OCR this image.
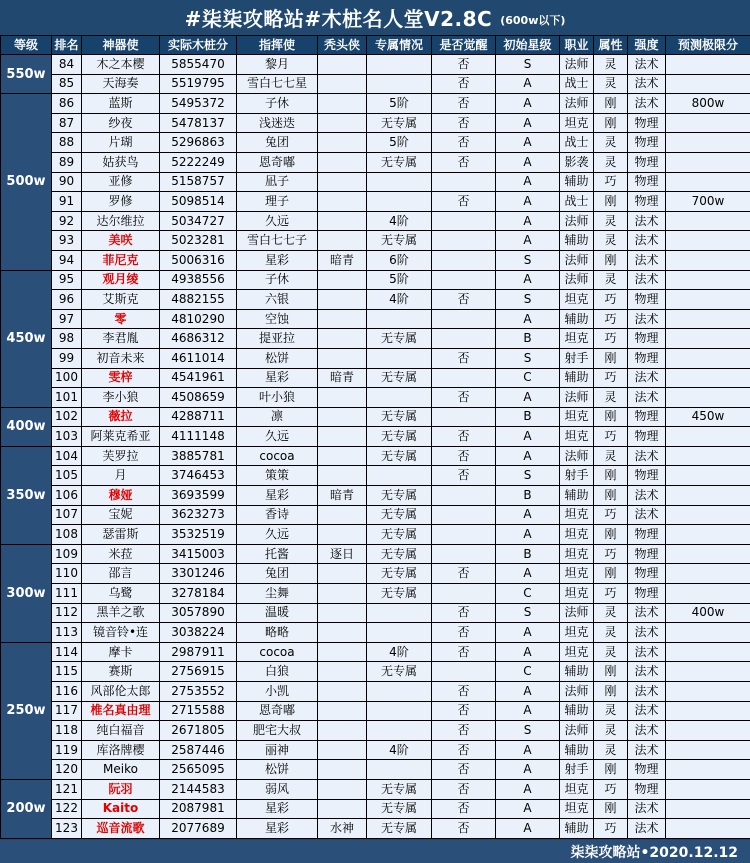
#柒柒攻略站#木桩名人堂V2.8C (600w以下)
等级	排名	神器使	实际木桩分	指挥使	秃头侠	专属情况	是否觉醒	初始星级	职业	属性	强度	预测极限分
550w	84	木之本樱	5855470	黎月			否	S	法师	灵	法术	
	85	天海奏	5519795	雪白七七星			否	A	战士	灵	法术	
500w	86	蓝斯	5495372	子休		5阶	否	A	法师	刚	法术	800w
	87	纱夜	5478137	浅迷迭		无专属	否	A	坦克	刚	物理	
	88	片瑚	5296863	兔团		5阶	否	A	战士	灵	物理	
	89	姑获鸟	5222249	恩奇嘟		无专属	否	A	影袭	灵	物理	
	90	亚修	5158757	凪子				A	辅助	巧	物理	
	91	罗修	5098514	理子			否	A	战士	刚	物理	700w
	92	达尔维拉	5034727	久远		4阶		A	法师	灵	法术	
	93	美咲	5023281	雪白七七子		无专属		A	辅助	灵	法术	
	94	菲尼克	5006316	星彩	暗青	6阶		S	法师	刚	法术	
450w	95	观月绫	4938556	子休		5阶		A	法师	灵	法术	
	96	艾斯克	4882155	六银		4阶	否	S	坦克	巧	物理	
	97	零	4810290	空蚀				A	辅助	巧	法术	
	98	李君胤	4686312	提亚拉		无专属		B	坦克	巧	物理	
	99	初音未来	4611014	松饼			否	S	射手	刚	物理	
	100	雯梓	4541961	星彩	暗青	无专属		C	辅助	巧	法术	
	101	李小狼	4508659	叶小狼			否	A	法师	灵	法术	
400w	102	薇拉	4288711	凛		无专属		B	坦克	刚	物理	450w
	103	阿莱克希亚	4111148	久远		无专属	否	A	坦克	巧	物理	
350w	104	芙罗拉	3885781	cocoa		无专属	否	A	法师	灵	法术	
	105	月	3746453	策策			否	S	射手	刚	物理	
	106	穆娅	3693599	星彩	暗青	无专属		B	辅助	刚	法术	
	107	宝妮	3623273	香诗		无专属		A	坦克	巧	法术	
	108	瑟雷斯	3532519	久远		无专属		A	坦克	刚	物理	
300w	109	米菈	3415003	托酱	逐日	无专属		B	坦克	巧	物理	
	110	邵言	3301246	兔团		无专属	否	A	坦克	刚	物理	
	111	乌鹭	3278184	尘舞		无专属		C	坦克	巧	物理	
	112	黑羊之歌	3057890	温暖			否	S	法师	灵	法术	400w
	113	镜音铃•连	3038224	略略			否	A	坦克	灵	法术	
250w	114	摩卡	2987911	cocoa		4阶	否	A	坦克	灵	法术	
	115	赛斯	2756915	白狼		无专属		C	辅助	刚	法术	
	116	风部伦太郎	2753552	小凯			否	A	法师	刚	法术	
	117	椎名真由理	2715588	恩奇嘟			否	A	辅助	灵	法术	
	118	纯白福音	2671805	肥宅大叔			否	S	法师	灵	法术	
	119	库洛牌樱	2587446	丽神		4阶	否	A	辅助	灵	法术	
	120	Meiko	2565095	松饼			否	A	射手	刚	物理	
200w	121	阮羽	2144583	弱风		无专属	否	A	坦克	巧	物理	
	122	Kaito	2087981	星彩		无专属	否	A	坦克	刚	法术	
	123	巡音流歌	2077689	星彩	水神	无专属	否	A	辅助	巧	法术	
柒柒攻略站•2020.12.12
